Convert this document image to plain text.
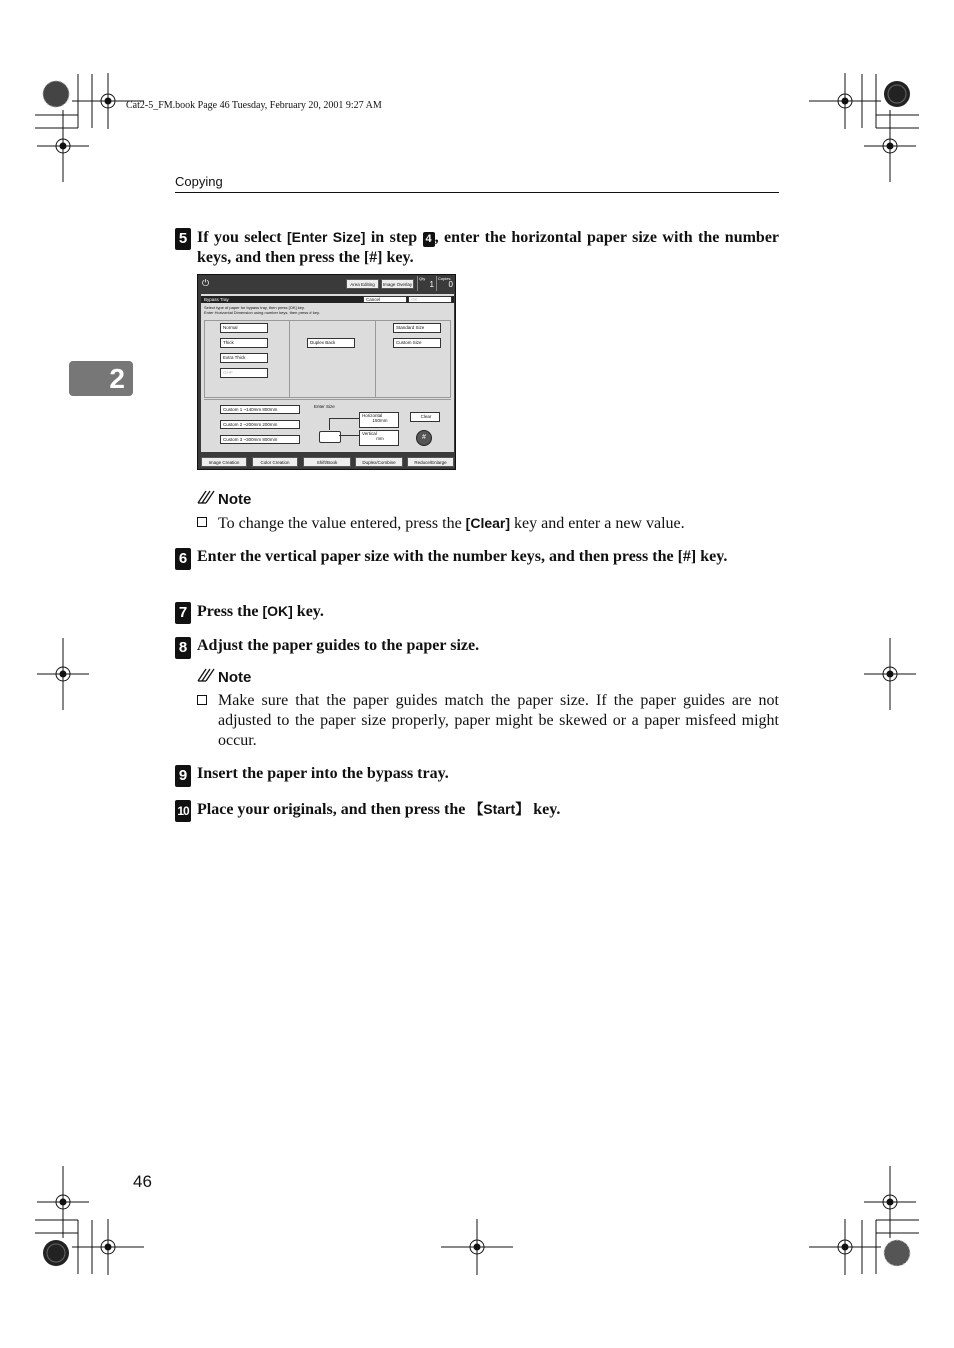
Cat2-5_FM.book Page 46 Tuesday, February 20, 2001 9:27 AM
Copying
2
5 If you select [Enter Size] in step 4 , enter the horizontal paper size with the number keys, and then press the [#] key.
⏻	Area Editing	Image Overlay
Qty
1
Copies
0
Bypass Tray	Cancel	OK
Select type of paper for bypass tray, then press [OK] key.
Enter Horizontal Dimension using number keys, then press # key.
Normal
Thick
Extra Thick
OHP
Duplex Back
Standard Size
Custom Size
Custom 1 ~140mm 800mm
Custom 2 ~200mm 200mm
Custom 3 ~300mm 800mm
Enter Size
Horizontal
150mm
Vertical
mm
Clear
#
Image Creation	Color Creation	Shift/Book	Duplex/Combine	Reduce/Enlarge
Note
To change the value entered, press the [Clear] key and enter a new value.
6 Enter the vertical paper size with the number keys, and then press the [#] key.
7 Press the [OK] key.
8 Adjust the paper guides to the paper size.
Note
Make sure that the paper guides match the paper size. If the paper guides are not adjusted to the paper size properly, paper might be skewed or a paper misfeed might occur.
9 Insert the paper into the bypass tray.
10 Place your originals, and then press the 【Start】 key.
46
